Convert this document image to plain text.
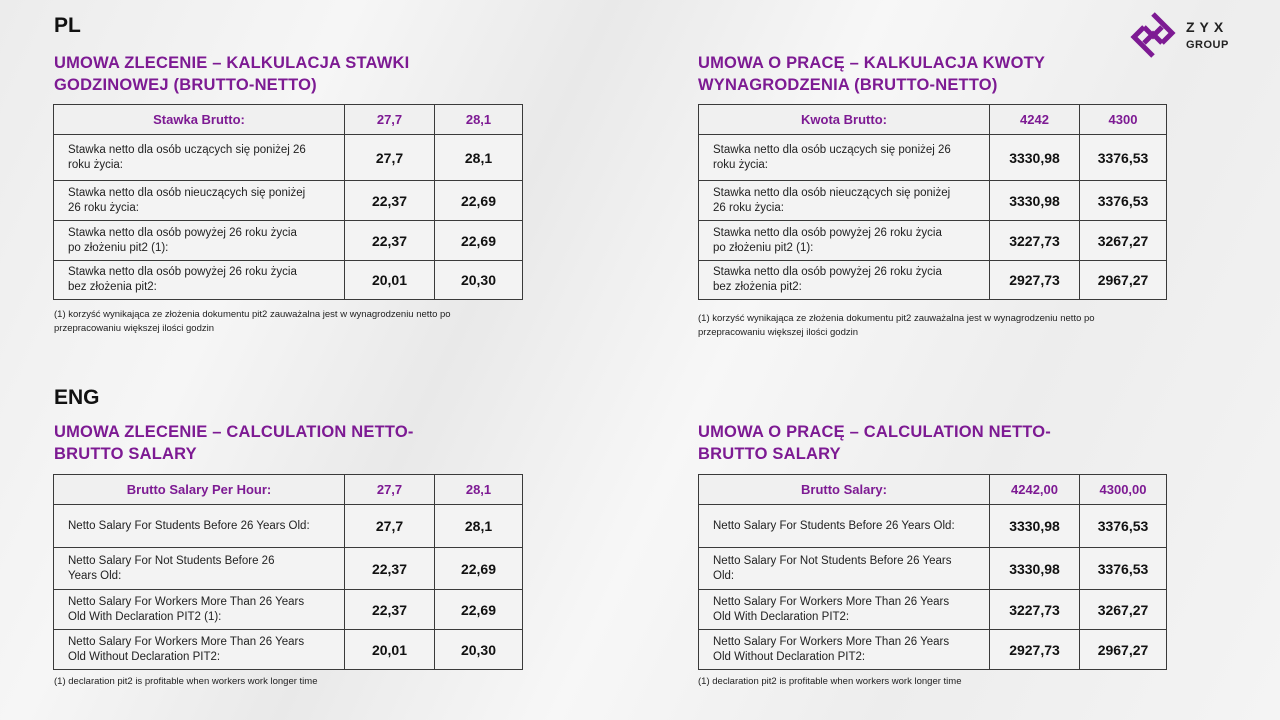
ZYX
GROUP
PL
UMOWA ZLECENIE – KALKULACJA STAWKI
GODZINOWEJ (BRUTTO-NETTO)
Stawka Brutto:	27,7	28,1

Stawka netto dla osób uczących się poniżej 26
roku życia:	27,7	28,1

Stawka netto dla osób nieuczących się poniżej
26 roku życia:	22,37	22,69

Stawka netto dla osób powyżej 26 roku życia
po złożeniu pit2 (1):	22,37	22,69

Stawka netto dla osób powyżej 26 roku życia
bez złożenia pit2:	20,01	20,30
(1) korzyść wynikająca ze złożenia dokumentu pit2 zauważalna jest w wynagrodzeniu netto po
przepracowaniu większej ilości godzin
UMOWA O PRACĘ – KALKULACJA KWOTY
WYNAGRODZENIA (BRUTTO-NETTO)
Kwota Brutto:	4242	4300

Stawka netto dla osób uczących się poniżej 26
roku życia:	3330,98	3376,53

Stawka netto dla osób nieuczących się poniżej
26 roku życia:	3330,98	3376,53

Stawka netto dla osób powyżej 26 roku życia
po złożeniu pit2 (1):	3227,73	3267,27

Stawka netto dla osób powyżej 26 roku życia
bez złożenia pit2:	2927,73	2967,27
(1) korzyść wynikająca ze złożenia dokumentu pit2 zauważalna jest w wynagrodzeniu netto po
przepracowaniu większej ilości godzin
ENG
UMOWA ZLECENIE – CALCULATION NETTO-
BRUTTO SALARY
Brutto Salary Per Hour:	27,7	28,1

Netto Salary For Students Before 26 Years Old:	27,7	28,1

Netto Salary For Not Students Before 26
Years Old:	22,37	22,69

Netto Salary For Workers More Than 26 Years
Old With Declaration PIT2 (1):	22,37	22,69

Netto Salary For Workers More Than 26 Years
Old Without Declaration PIT2:	20,01	20,30
(1) declaration pit2 is profitable when workers work longer time
UMOWA O PRACĘ – CALCULATION NETTO-
BRUTTO SALARY
Brutto Salary:	4242,00	4300,00

Netto Salary For Students Before 26 Years Old:	3330,98	3376,53

Netto Salary For Not Students Before 26 Years
Old:	3330,98	3376,53

Netto Salary For Workers More Than 26 Years
Old With Declaration PIT2:	3227,73	3267,27

Netto Salary For Workers More Than 26 Years
Old Without Declaration PIT2:	2927,73	2967,27
(1) declaration pit2 is profitable when workers work longer time
